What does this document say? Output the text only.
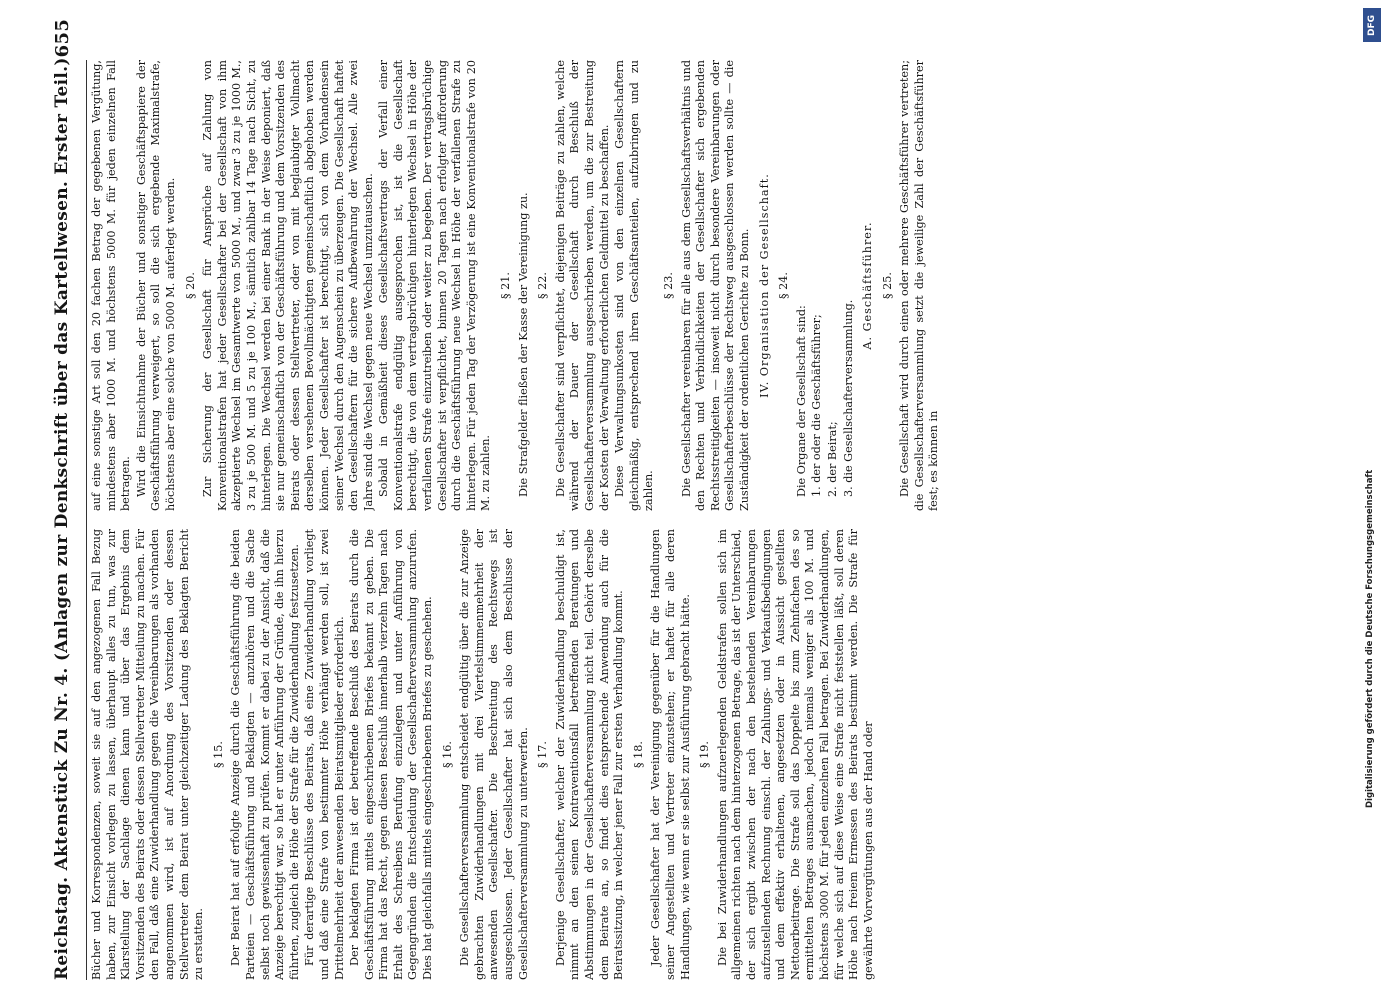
Reichstag. Aktenstück Zu Nr. 4. (Anlagen zur Denkschrift über das Kartellwesen. Erster Teil.)
655

Bücher und Korrespondenzen, soweit sie auf den angezogenen Fall Bezug haben, zur Einsicht vorlegen zu lassen, überhaupt alles zu tun, was zur Klarstellung der Sachlage dienen kann und über das Ergebnis dem Vorsitzenden des Beirats oder dessen Stellvertreter Mitteilung zu machen. Für den Fall, daß eine Zuwiderhandlung gegen die Vereinbarungen als vorhanden angenommen wird, ist auf Anordnung des Vorsitzenden oder dessen Stellvertreter dem Beirat unter gleichzeitiger Ladung des Beklagten Bericht zu erstatten.

§ 15. Der Beirat hat auf erfolgte Anzeige durch die Geschäftsführung die beiden Parteien — Geschäftsführung und Beklagten — anzuhören und die Sache selbst noch gewissenhaft zu prüfen. Kommt er dabei zu der Ansicht, daß die Anzeige berechtigt war, so hat er unter Anführung der Gründe, die ihn hierzu führten, zugleich die Höhe der Strafe für die Zuwiderhandlung festzusetzen. Für derartige Beschlüsse des Beirats, daß eine Zuwiderhandlung vorliegt und daß eine Strafe von bestimmter Höhe verhängt werden soll, ist zwei Drittelmehrheit der anwesenden Beiratsmitglieder erforderlich. Der beklagten Firma ist der betreffende Beschluß des Beirats durch die Geschäftsführung mittels eingeschriebenen Briefes bekannt zu geben. Die Firma hat das Recht, gegen diesen Beschluß innerhalb vierzehn Tagen nach Erhalt des Schreibens Berufung einzulegen und unter Anführung von Gegengründen die Entscheidung der Gesellschafterversammlung anzurufen. Dies hat gleichfalls mittels eingeschriebenen Briefes zu geschehen. § 16. Die Gesellschafterversammlung entscheidet endgültig über die zur Anzeige gebrachten Zuwiderhandlungen mit drei Viertelstimmenmehrheit der anwesenden Gesellschafter. Die Beschreitung des Rechtswegs ist ausgeschlossen. Jeder Gesellschafter hat sich also dem Beschlusse der Gesellschafterversammlung zu unterwerfen. § 17. Derjenige Gesellschafter, welcher der Zuwiderhandlung beschuldigt ist, nimmt an den seinen Kontraventionsfall betreffenden Beratungen und Abstimmungen in der Gesellschafterversammlung nicht teil. Gehört derselbe dem Beirate an, so findet dies entsprechende Anwendung auch für die Beiratssitzung, in welcher jener Fall zur ersten Verhandlung kommt. § 18. Jeder Gesellschafter hat der Vereinigung gegenüber für die Handlungen seiner Angestellten und Vertreter einzustehen; er haftet für alle deren Handlungen, wie wenn er sie selbst zur Ausführung gebracht hätte. § 19. Die bei Zuwiderhandlungen aufzuerlegenden Geldstrafen sollen sich im allgemeinen richten nach dem hinterzogenen Betrage, das ist der Unterschied, der sich ergibt zwischen der nach den bestehenden Vereinbarungen aufzustellenden Rechnung einschl. der Zahlungs- und Verkaufsbedingungen und dem effektiv erhaltenen, angesetzten oder in Aussicht gestellten Nettoarbeitrage. Die Strafe soll das Doppelte bis zum Zehnfachen des so ermittelten Betrages ausmachen, jedoch niemals weniger als 100 M. und höchstens 3000 M. für jeden einzelnen Fall betragen. Bei Zuwiderhandlungen, für welche sich auf diese Weise eine Strafe nicht feststellen läßt, soll deren Höhe nach freiem Ermessen des Beirats bestimmt werden. Die Strafe für gewährte Vorvergütungen aus der Hand oder

auf eine sonstige Art soll den 20 fachen Betrag der gegebenen Vergütung, mindestens aber 1000 M. und höchstens 5000 M. für jeden einzelnen Fall betragen. Wird die Einsichtnahme der Bücher und sonstiger Geschäftspapiere der Geschäftsführung verweigert, so soll die sich ergebende Maximalstrafe, höchstens aber eine solche von 5000 M. auferlegt werden. § 20. Zur Sicherung der Gesellschaft für Ansprüche auf Zahlung von Konventionalstrafen hat jeder Gesellschafter bei der Gesellschaft von ihm akzeptierte Wechsel im Gesamtwerte von 5000 M., und zwar 3 zu je 1000 M., 3 zu je 500 M. und 5 zu je 100 M., sämtlich zahlbar 14 Tage nach Sicht, zu hinterlegen. Die Wechsel werden bei einer Bank in der Weise deponiert, daß sie nur gemeinschaftlich von der Geschäftsführung und dem Vorsitzenden des Beirats oder dessen Stellvertreter, oder von mit beglaubigter Vollmacht derselben versehenen Bevollmächtigten gemeinschaftlich abgehoben werden können. Jeder Gesellschafter ist berechtigt, sich von dem Vorhandensein seiner Wechsel durch den Augenschein zu überzeugen. Die Gesellschaft haftet den Gesellschaftern für die sichere Aufbewahrung der Wechsel. Alle zwei Jahre sind die Wechsel gegen neue Wechsel umzutauschen. Sobald in Gemäßheit dieses Gesellschaftsvertrags der Verfall einer Konventionalstrafe endgültig ausgesprochen ist, ist die Gesellschaft berechtigt, die von dem vertragsbrüchigen hinterlegten Wechsel in Höhe der verfallenen Strafe einzutreiben oder weiter zu begeben. Der vertragsbrüchige Gesellschafter ist verpflichtet, binnen 20 Tagen nach erfolgter Aufforderung durch die Geschäftsführung neue Wechsel in Höhe der verfallenen Strafe zu hinterlegen. Für jeden Tag der Verzögerung ist eine Konventionalstrafe von 20 M. zu zahlen.

§ 21. Die Strafgelder fließen der Kasse der Vereinigung zu. § 22. Die Gesellschafter sind verpflichtet, diejenigen Beiträge zu zahlen, welche während der Dauer der Gesellschaft durch Beschluß der Gesellschafterversammlung ausgeschrieben werden, um die zur Bestreitung der Kosten der Verwaltung erforderlichen Geldmittel zu beschaffen. Diese Verwaltungsunkosten sind von den einzelnen Gesellschaftern gleichmäßig, entsprechend ihren Geschäftsanteilen, aufzubringen und zu zahlen.

§ 23. Die Gesellschafter vereinbaren für alle aus dem Gesellschaftsverhältnis und den Rechten und Verbindlichkeiten der Gesellschafter sich ergebenden Rechtsstreitigkeiten — insoweit nicht durch besondere Vereinbarungen oder Gesellschafterbeschlüsse der Rechtsweg ausgeschlossen werden sollte — die Zuständigkeit der ordentlichen Gerichte zu Bonn. IV. Organisation der Gesellschaft. § 24.

Die Organe der Gesellschaft sind: 1. der oder die Geschäftsführer; 2. der Beirat; 3. die Gesellschafterversammlung.

A. Geschäftsführer. § 25. Die Gesellschaft wird durch einen oder mehrere Geschäftsführer vertreten; die Gesellschafterversammlung setzt die jeweilige Zahl der Geschäftsführer fest; es können in

DFG
Digitalisierung gefördert durch die Deutsche Forschungsgemeinschaft
